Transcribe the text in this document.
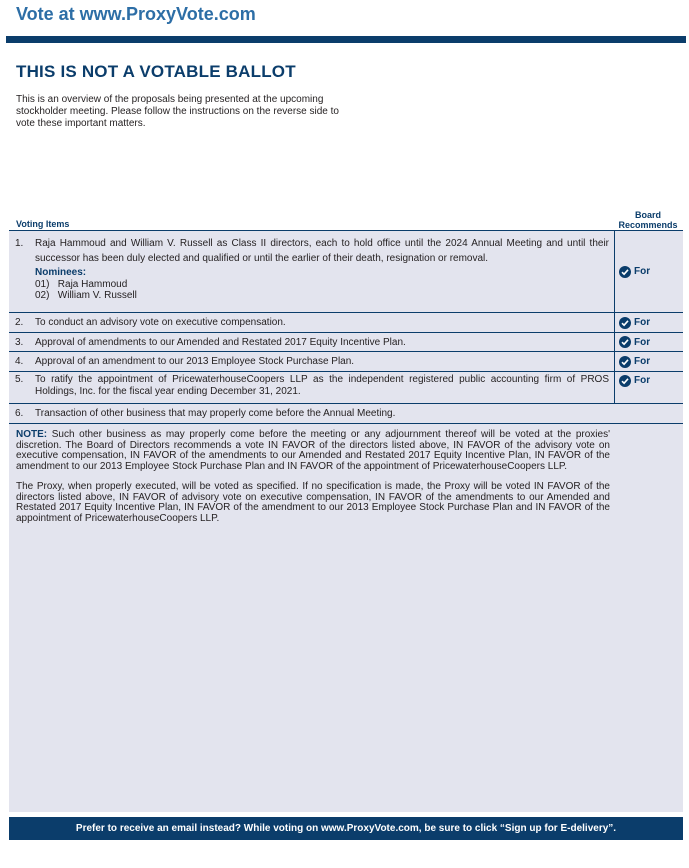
Vote at www.ProxyVote.com
THIS IS NOT A VOTABLE BALLOT
This is an overview of the proposals being presented at the upcoming stockholder meeting. Please follow the instructions on the reverse side to vote these important matters.
Voting Items
Board Recommends
1.	Raja Hammoud and William V. Russell as Class II directors, each to hold office until the 2024 Annual Meeting and until their successor has been duly elected and qualified or until the earlier of their death, resignation or removal.
Nominees:
01)   Raja Hammoud
02)   William V. Russell
For
2.	To conduct an advisory vote on executive compensation.	For
3.	Approval of amendments to our Amended and Restated 2017 Equity Incentive Plan.	For
4.	Approval of an amendment to our 2013 Employee Stock Purchase Plan.	For
5.	To ratify the appointment of PricewaterhouseCoopers LLP as the independent registered public accounting firm of PROS Holdings, Inc. for the fiscal year ending December 31, 2021.
For
6.	Transaction of other business that may properly come before the Annual Meeting.

NOTE: Such other business as may properly come before the meeting or any adjournment thereof will be voted at the proxies' discretion. The Board of Directors recommends a vote IN FAVOR of the directors listed above, IN FAVOR of the advisory vote on executive compensation, IN FAVOR of the amendments to our Amended and Restated 2017 Equity Incentive Plan, IN FAVOR of the amendment to our 2013 Employee Stock Purchase Plan and IN FAVOR of the appointment of PricewaterhouseCoopers LLP.

The Proxy, when properly executed, will be voted as specified. If no specification is made, the Proxy will be voted IN FAVOR of the directors listed above, IN FAVOR of advisory vote on executive compensation, IN FAVOR of the amendments to our Amended and Restated 2017 Equity Incentive Plan, IN FAVOR of the amendment to our 2013 Employee Stock Purchase Plan and IN FAVOR of the appointment of PricewaterhouseCoopers LLP.

Prefer to receive an email instead? While voting on www.ProxyVote.com, be sure to click “Sign up for E-delivery”.
